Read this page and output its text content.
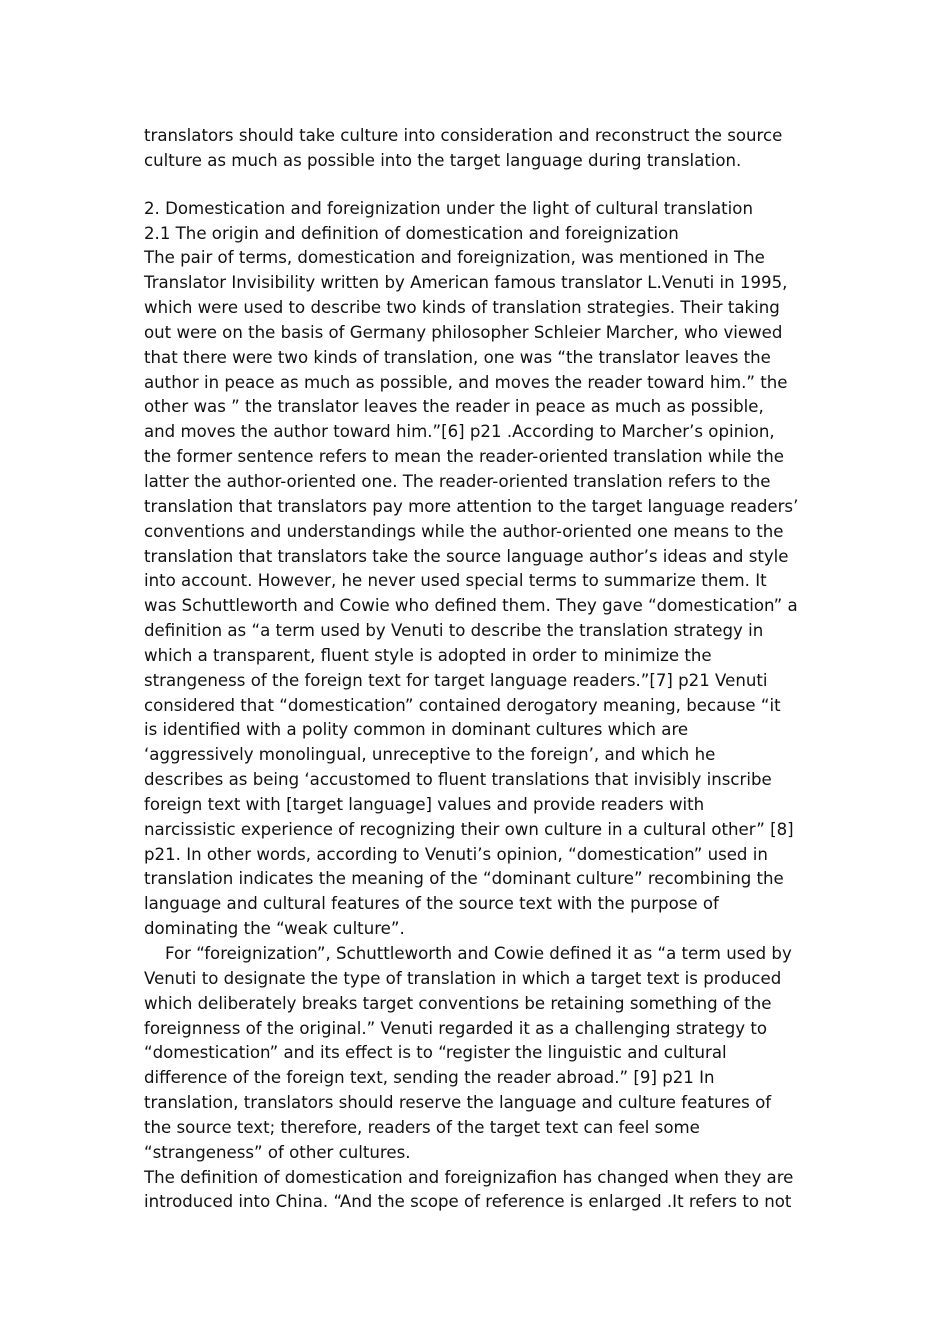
translators should take culture into consideration and reconstruct the source
culture as much as possible into the target language during translation.
2. Domestication and foreignization under the light of cultural translation
2.1 The origin and definition of domestication and foreignization
The pair of terms, domestication and foreignization, was mentioned in The
Translator Invisibility written by American famous translator L.Venuti in 1995,
which were used to describe two kinds of translation strategies. Their taking
out were on the basis of Germany philosopher Schleier Marcher, who viewed
that there were two kinds of translation, one was “the translator leaves the
author in peace as much as possible, and moves the reader toward him.” the
other was ” the translator leaves the reader in peace as much as possible,
and moves the author toward him.”[6] p21 .According to Marcher’s opinion,
the former sentence refers to mean the reader-oriented translation while the
latter the author-oriented one. The reader-oriented translation refers to the
translation that translators pay more attention to the target language readers’
conventions and understandings while the author-oriented one means to the
translation that translators take the source language author’s ideas and style
into account. However, he never used special terms to summarize them. It
was Schuttleworth and Cowie who defined them. They gave “domestication” a
definition as “a term used by Venuti to describe the translation strategy in
which a transparent, fluent style is adopted in order to minimize the
strangeness of the foreign text for target language readers.”[7] p21 Venuti
considered that “domestication” contained derogatory meaning, because “it
is identified with a polity common in dominant cultures which are
‘aggressively monolingual, unreceptive to the foreign’, and which he
describes as being ‘accustomed to fluent translations that invisibly inscribe
foreign text with [target language] values and provide readers with
narcissistic experience of recognizing their own culture in a cultural other” [8]
p21. In other words, according to Venuti’s opinion, “domestication” used in
translation indicates the meaning of the “dominant culture” recombining the
language and cultural features of the source text with the purpose of
dominating the “weak culture”.
For “foreignization”, Schuttleworth and Cowie defined it as “a term used by
Venuti to designate the type of translation in which a target text is produced
which deliberately breaks target conventions be retaining something of the
foreignness of the original.” Venuti regarded it as a challenging strategy to
“domestication” and its effect is to “register the linguistic and cultural
difference of the foreign text, sending the reader abroad.” [9] p21 In
translation, translators should reserve the language and culture features of
the source text; therefore, readers of the target text can feel some
“strangeness” of other cultures.
The definition of domestication and foreignizafion has changed when they are
introduced into China. “And the scope of reference is enlarged .It refers to not
